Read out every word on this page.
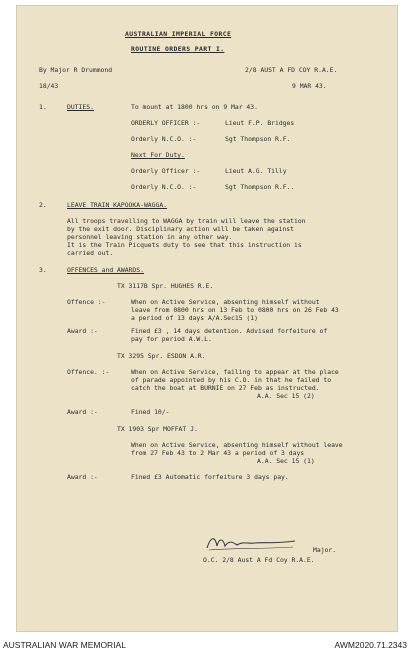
AUSTRALIAN IMPERIAL FORCE
ROUTINE ORDERS PART I.
By Major R Drummond	2/8 AUST A FD COY R.A.E.
18/43	9 MAR 43.
1.	DUTIES.	To mount at 1800 hrs on 9 Mar 43.
ORDERLY OFFICER :-	Lieut F.P. Bridges
Orderly N.C.O. :-	Sgt Thompson R.F.
Next For Duty.
Orderly Officer :-	Lieut A.G. Tilly
Orderly N.C.O. :-	Sgt Thompson R.F..
2.	LEAVE TRAIN KAPOOKA-WAGGA.
All troops travelling to WAGGA by train will leave the station
by the exit door. Disciplinary action will be taken against
personnel leaving station in any other way.
It is the Train Picquets duty to see that this instruction is
carried out.
3.	OFFENCES and AWARDS.
TX 3117B Spr. HUGHES R.E.
Offence :-	When on Active Service, absenting himself without
leave from 0800 hrs on 13 Feb to 0800 hrs on 26 Feb 43
a period of 13 days A/A.Sec15 (1)
Award :-	Fined £3 , 14 days detention. Advised forfeiture of
pay for period A.W.L.
TX 3295 Spr. ESDON A.R.
Offence. :-	When on Active Service, failing to appear at the place
of parade appointed by his C.O. in that he failed to
catch the boat at BURNIE on 27 Feb as instructed.
A.A. Sec 15 (2)
Award :-	Fined 10/-
TX 1903 Spr MOFFAT J.
When on Active Service, absenting himself without leave
from 27 Feb 43 to 2 Mar 43 a period of 3 days
A.A. Sec 15 (1)
Award :-	Fined £3 Automatic forfeiture 3 days pay.
Major.
O.C. 2/8 Aust A Fd Coy R.A.E.
AUSTRALIAN WAR MEMORIAL	AWM2020.71.2343
